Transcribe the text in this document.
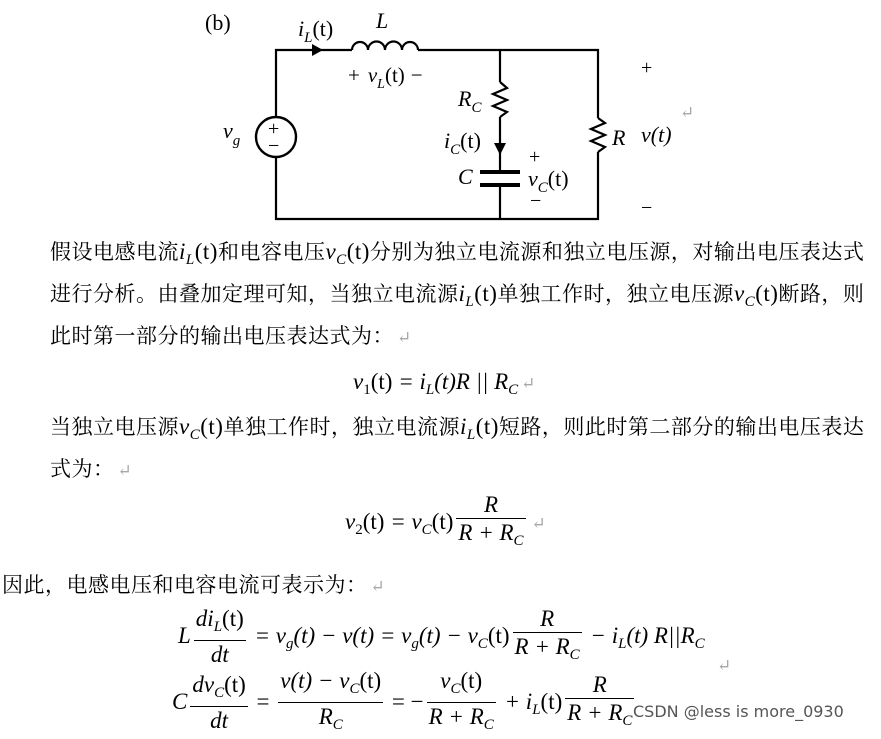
(b)	$i_L(t)$ L
+ $v_L(t)$ −
$R_C$
$i_C(t)$
C
+
$v_C(t)$
−
$v_g$
+
−	R
+
v(t)
−
↵
假设电感电流$i_L(t)$和电容电压$v_C(t)$分别为独立电流源和独立电压源，对输出电压表达式进行分析。由叠加定理可知，当独立电流源$i_L(t)$单独工作时，独立电压源$v_C(t)$断路，则此时第一部分的输出电压表达式为： ↵
$v_1(t) = i_L(t)R$ || $R_C$ ↵
当独立电压源$v_C(t)$单独工作时，独立电流源$i_L(t)$短路，则此时第二部分的输出电压表达式为： ↵
$v_2(t) = v_C(t) \frac{R}{R + R_C}$ ↵
因此，电感电压和电容电流可表示为： ↵
L $\frac{di_L(t)}{dt} = v_g(t) - v(t) = v_g(t) - v_C(t) \frac{R}{R + R_C} - i_L(t)$ $R||R_C$
↵
C $\frac{dv_C(t)}{dt} = \frac{v(t) - v_C(t)}{R_C}$ = − $\frac{v_C(t)}{R + R_C} + i_L(t) \frac{R}{R + R_C}$
CSDN @less is more_0930
